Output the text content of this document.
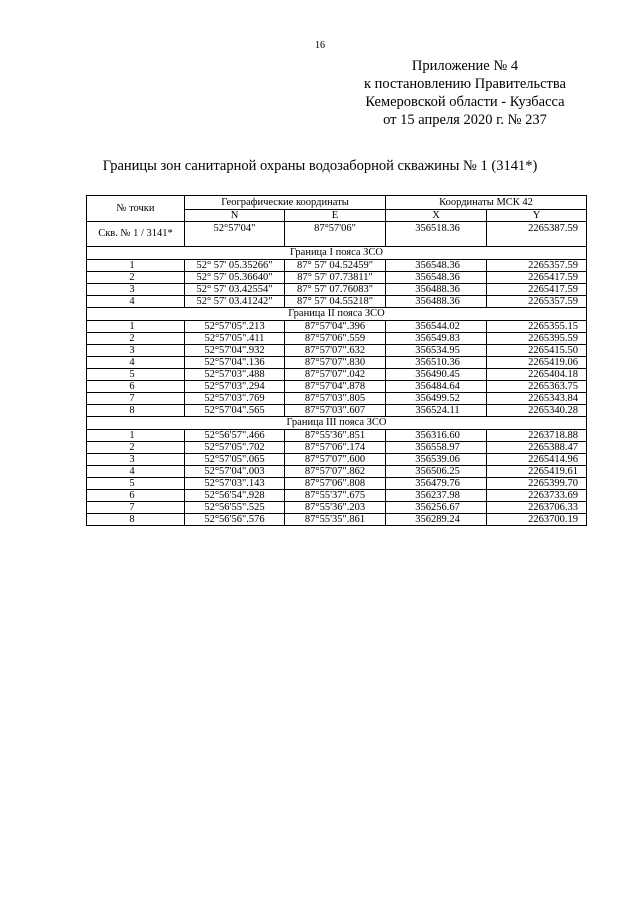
16
Приложение № 4
к постановлению Правительства
Кемеровской области - Кузбасса
от 15 апреля 2020 г. № 237
Границы зон санитарной охраны водозаборной скважины № 1 (3141*)
№ точки	Географические координаты		Координаты МСК 42	
	N	E	X	Y
Скв. № 1 / 3141*	52°57'04"	87°57'06"	356518.36	2265387.59
Граница I пояса ЗСО				
1	52° 57' 05.35266"	87° 57' 04.52459"	356548.36	2265357.59
2	52° 57' 05.36640"	87° 57' 07.73811"	356548.36	2265417.59
3	52° 57' 03.42554"	87° 57' 07.76083"	356488.36	2265417.59
4	52° 57' 03.41242"	87° 57' 04.55218"	356488.36	2265357.59
Граница II пояса ЗСО				
1	52°57'05".213	87°57'04".396	356544.02	2265355.15
2	52°57'05".411	87°57'06".559	356549.83	2265395.59
3	52°57'04".932	87°57'07".632	356534.95	2265415.50
4	52°57'04".136	87°57'07".830	356510.36	2265419.06
5	52°57'03".488	87°57'07".042	356490.45	2265404.18
6	52°57'03".294	87°57'04".878	356484.64	2265363.75
7	52°57'03".769	87°57'03".805	356499.52	2265343.84
8	52°57'04".565	87°57'03".607	356524.11	2265340.28
Граница III пояса ЗСО				
1	52°56'57".466	87°55'36".851	356316.60	2263718.88
2	52°57'05".702	87°57'06".174	356558.97	2265388.47
3	52°57'05".065	87°57'07".600	356539.06	2265414.96
4	52°57'04".003	87°57'07".862	356506.25	2265419.61
5	52°57'03".143	87°57'06".808	356479.76	2265399.70
6	52°56'54".928	87°55'37".675	356237.98	2263733.69
7	52°56'55".525	87°55'36".203	356256.67	2263706.33
8	52°56'56".576	87°55'35".861	356289.24	2263700.19
